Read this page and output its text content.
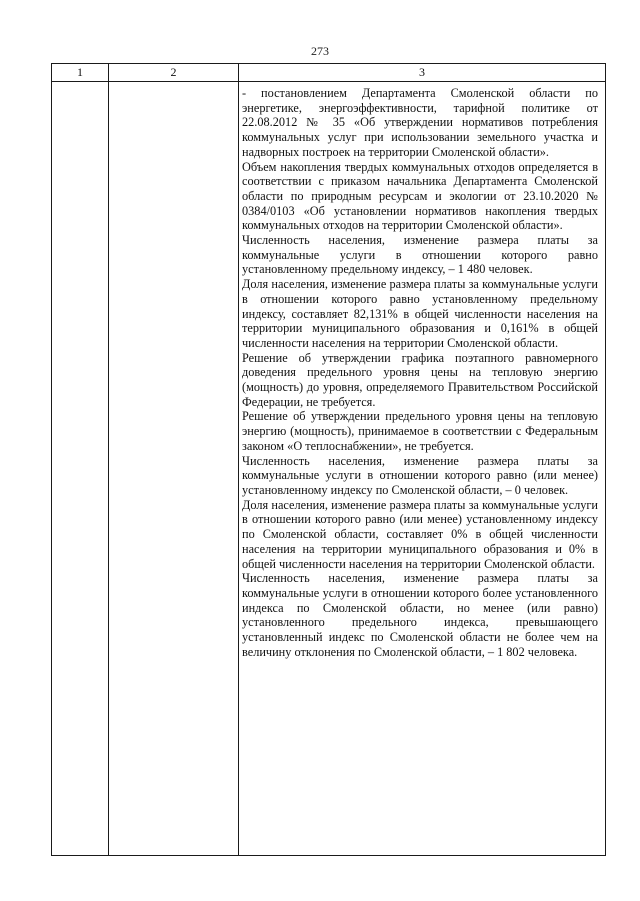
273
1	2	3

- постановлением Департамента Смоленской области по энергетике, энергоэффективности, тарифной политике от 22.08.2012 № 35 «Об утверждении нормативов потребления коммунальных услуг при использовании земельного участка и надворных построек на территории Смоленской области».

Объем накопления твердых коммунальных отходов определяется в соответствии с приказом начальника Департамента Смоленской области по природным ресурсам и экологии от 23.10.2020 № 0384/0103 «Об установлении нормативов накопления твердых коммунальных отходов на территории Смоленской области».

Численность населения, изменение размера платы за коммунальные услуги в отношении которого равно установленному предельному индексу, – 1 480 человек.

Доля населения, изменение размера платы за коммунальные услуги в отношении которого равно установленному предельному индексу, составляет 82,131% в общей численности населения на территории муниципального образования и 0,161% в общей численности населения на территории Смоленской области.

Решение об утверждении графика поэтапного равномерного доведения предельного уровня цены на тепловую энергию (мощность) до уровня, определяемого Правительством Российской Федерации, не требуется.

Решение об утверждении предельного уровня цены на тепловую энергию (мощность), принимаемое в соответствии с Федеральным законом «О теплоснабжении», не требуется.

Численность населения, изменение размера платы за коммунальные услуги в отношении которого равно (или менее) установленному индексу по Смоленской области, – 0 человек.

Доля населения, изменение размера платы за коммунальные услуги в отношении которого равно (или менее) установленному индексу по Смоленской области, составляет 0% в общей численности населения на территории муниципального образования и 0% в общей численности населения на территории Смоленской области.

Численность населения, изменение размера платы за коммунальные услуги в отношении которого более установленного индекса по Смоленской области, но менее (или равно) установленного предельного индекса, превышающего установленный индекс по Смоленской области не более чем на величину отклонения по Смоленской области, – 1 802 человека.
